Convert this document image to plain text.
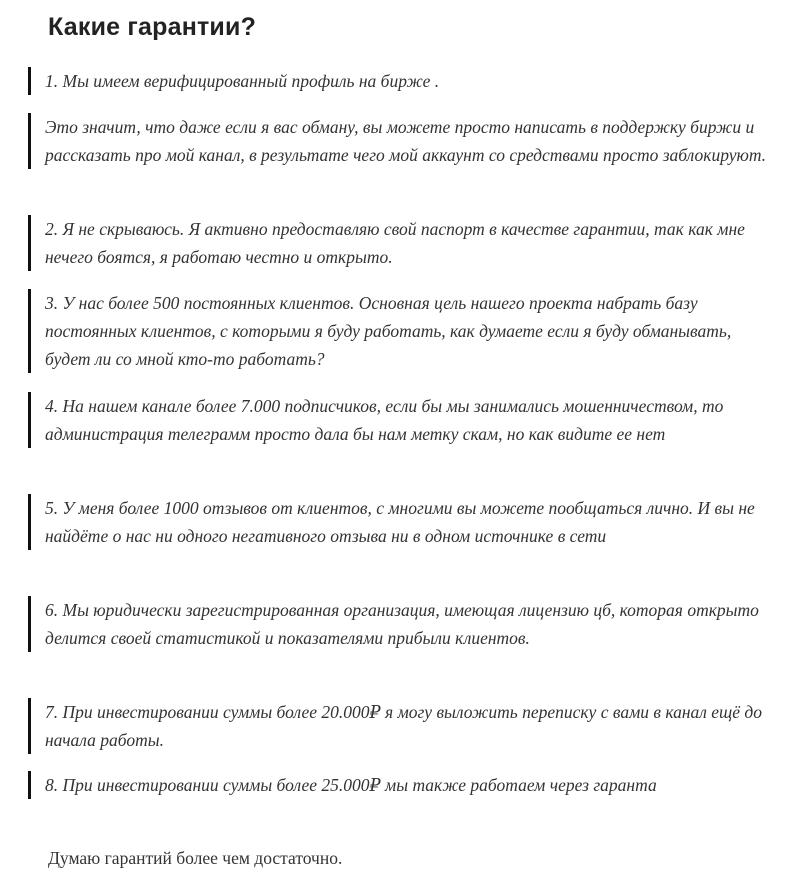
Какие гарантии?

1. Мы имеем верифицированный профиль на бирже .

Это значит, что даже если я вас обману, вы можете просто написать в поддержку биржи и рассказать про мой канал, в результате чего мой аккаунт со средствами просто заблокируют.

2. Я не скрываюсь. Я активно предоставляю свой паспорт в качестве гарантии, так как мне нечего боятся, я работаю честно и открыто.

3. У нас более 500 постоянных клиентов. Основная цель нашего проекта набрать базу постоянных клиентов, с которыми я буду работать, как думаете если я буду обманывать, будет ли со мной кто-то работать?

4. На нашем канале более 7.000 подписчиков, если бы мы занимались мошенничеством, то администрация телеграмм просто дала бы нам метку скам, но как видите ее нет

5. У меня более 1000 отзывов от клиентов, с многими вы можете пообщаться лично. И вы не найдёте о нас ни одного негативного отзыва ни в одном источнике в сети

6. Мы юридически зарегистрированная организация, имеющая лицензию цб, которая открыто делится своей статистикой и показателями прибыли клиентов.

7. При инвестировании суммы более 20.000₽ я могу выложить переписку с вами в канал ещё до начала работы.

8. При инвестировании суммы более 25.000₽ мы также работаем через гаранта

Думаю гарантий более чем достаточно.
